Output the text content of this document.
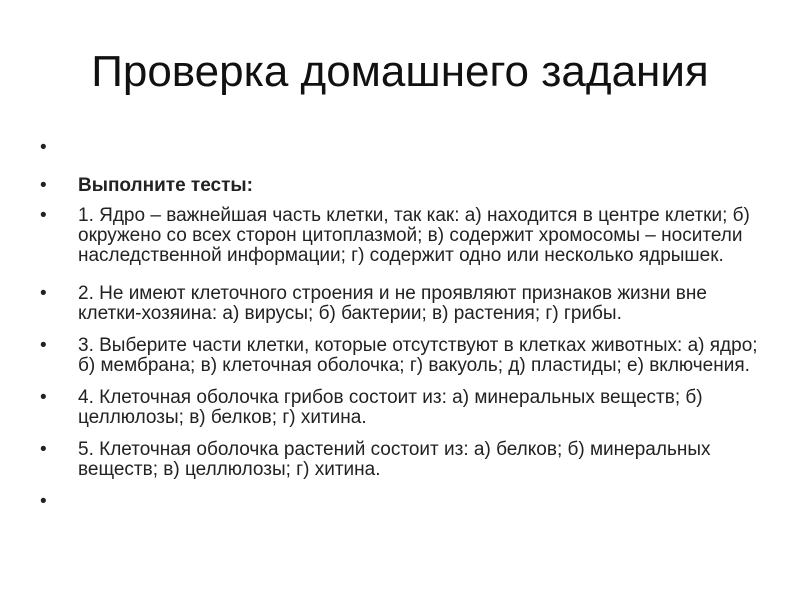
Проверка домашнего задания
•
•	Выполните тесты:
•	1. Ядро – важнейшая часть клетки, так как: а) находится в центре клетки; б) окружено со всех сторон цитоплазмой; в) содержит хромосомы – носители наследственной информации; г) содержит одно или несколько ядрышек.
•	2. Не имеют клеточного строения и не проявляют признаков жизни вне клетки-хозяина: а) вирусы; б) бактерии; в) растения; г) грибы.
•	3. Выберите части клетки, которые отсутствуют в клетках животных: а) ядро; б) мембрана; в) клеточная оболочка; г) вакуоль; д) пластиды; е) включения.
•	4. Клеточная оболочка грибов состоит из: а) минеральных веществ; б) целлюлозы; в) белков; г) хитина.
•	5. Клеточная оболочка растений состоит из: а) белков; б) минеральных веществ; в) целлюлозы; г) хитина.
•
